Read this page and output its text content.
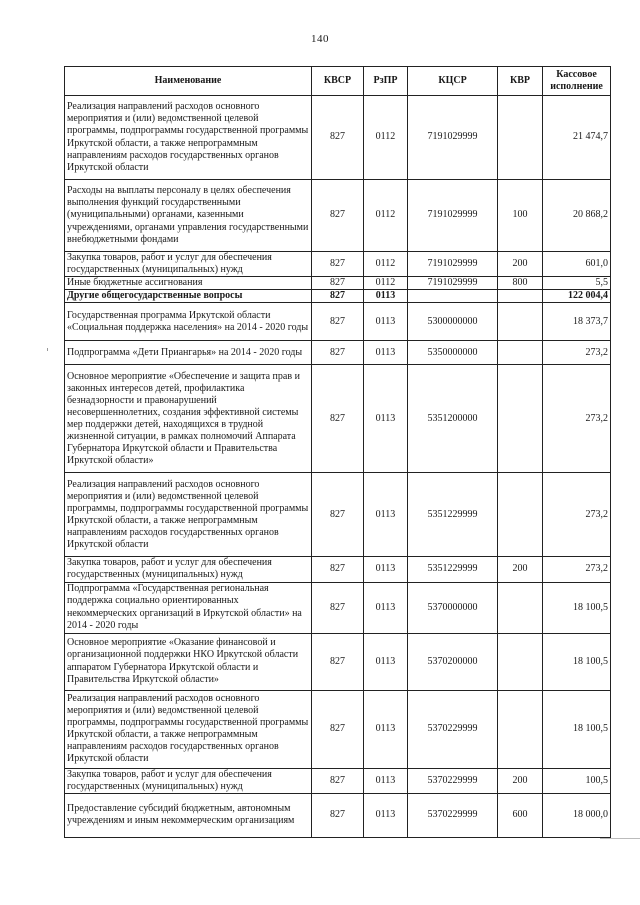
140
Наименование	КВСР	РзПР	КЦСР	КВР	Кассовое исполнение
Реализация направлений расходов основного мероприятия и (или) ведомственной целевой программы, подпрограммы государственной программы Иркутской области, а также непрограммным направлениям расходов государственных органов Иркутской области	827	0112	7191029999		21 474,7
Расходы на выплаты персоналу в целях обеспечения выполнения функций государственными (муниципальными) органами, казенными учреждениями, органами управления государственными внебюджетными фондами	827	0112	7191029999	100	20 868,2
Закупка товаров, работ и услуг для обеспечения государственных (муниципальных) нужд	827	0112	7191029999	200	601,0
Иные бюджетные ассигнования	827	0112	7191029999	800	5,5
Другие общегосударственные вопросы	827	0113			122 004,4
Государственная программа Иркутской области «Социальная поддержка населения» на 2014 - 2020 годы	827	0113	5300000000		18 373,7
Подпрограмма «Дети Приангарья» на 2014 - 2020 годы	827	0113	5350000000		273,2
Основное мероприятие «Обеспечение и защита прав и законных интересов детей, профилактика безнадзорности и правонарушений несовершеннолетних, создания эффективной системы мер поддержки детей, находящихся в трудной жизненной ситуации, в рамках полномочий Аппарата Губернатора Иркутской области и Правительства Иркутской области»	827	0113	5351200000		273,2
Реализация направлений расходов основного мероприятия и (или) ведомственной целевой программы, подпрограммы государственной программы Иркутской области, а также непрограммным направлениям расходов государственных органов Иркутской области	827	0113	5351229999		273,2
Закупка товаров, работ и услуг для обеспечения государственных (муниципальных) нужд	827	0113	5351229999	200	273,2
Подпрограмма «Государственная региональная поддержка социально ориентированных некоммерческих организаций в Иркутской области» на 2014 - 2020 годы	827	0113	5370000000		18 100,5
Основное мероприятие «Оказание финансовой и организационной поддержки НКО Иркутской области аппаратом Губернатора Иркутской области и Правительства Иркутской области»	827	0113	5370200000		18 100,5
Реализация направлений расходов основного мероприятия и (или) ведомственной целевой программы, подпрограммы государственной программы Иркутской области, а также непрограммным направлениям расходов государственных органов Иркутской области	827	0113	5370229999		18 100,5
Закупка товаров, работ и услуг для обеспечения государственных (муниципальных) нужд	827	0113	5370229999	200	100,5
Предоставление субсидий бюджетным, автономным учреждениям и иным некоммерческим организациям	827	0113	5370229999	600	18 000,0
